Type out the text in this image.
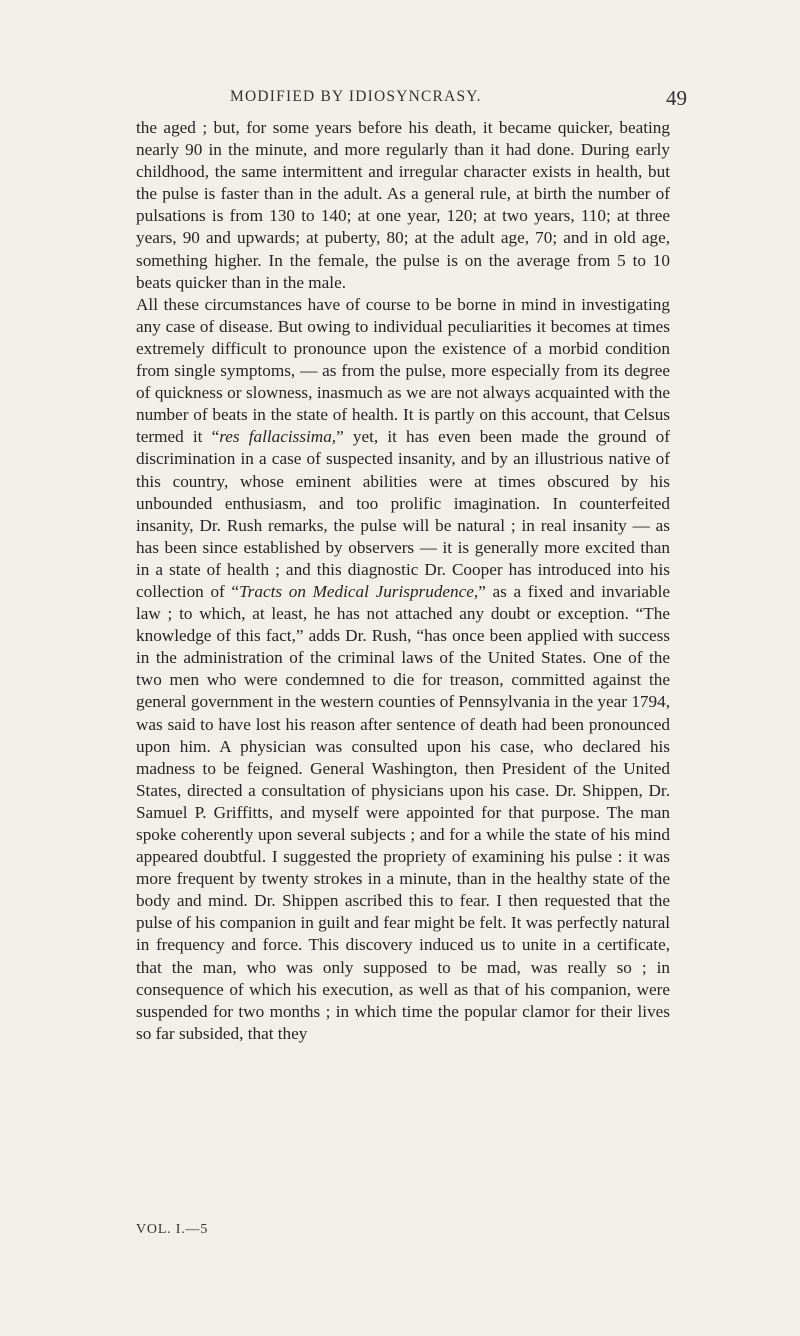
MODIFIED BY IDIOSYNCRASY.	49

the aged ; but, for some years before his death, it became quicker, beating nearly 90 in the minute, and more regularly than it had done. During early childhood, the same intermittent and irregular character exists in health, but the pulse is faster than in the adult. As a general rule, at birth the number of pulsations is from 130 to 140; at one year, 120; at two years, 110; at three years, 90 and upwards; at puberty, 80; at the adult age, 70; and in old age, something higher. In the female, the pulse is on the average from 5 to 10 beats quicker than in the male.

All these circumstances have of course to be borne in mind in investigating any case of disease. But owing to individual peculiarities it becomes at times extremely difficult to pronounce upon the existence of a morbid condition from single symptoms, — as from the pulse, more especially from its degree of quickness or slowness, inasmuch as we are not always acquainted with the number of beats in the state of health. It is partly on this account, that Celsus termed it “res fallacissima,” yet, it has even been made the ground of discrimination in a case of suspected insanity, and by an illustrious native of this country, whose eminent abilities were at times obscured by his unbounded enthusiasm, and too prolific imagination. In counterfeited insanity, Dr. Rush remarks, the pulse will be natural ; in real insanity — as has been since established by observers — it is generally more excited than in a state of health ; and this diagnostic Dr. Cooper has introduced into his collection of “Tracts on Medical Jurisprudence,” as a fixed and invariable law ; to which, at least, he has not attached any doubt or exception. “The knowledge of this fact,” adds Dr. Rush, “has once been applied with success in the administration of the criminal laws of the United States. One of the two men who were condemned to die for treason, committed against the general government in the western counties of Pennsylvania in the year 1794, was said to have lost his reason after sentence of death had been pronounced upon him. A physician was consulted upon his case, who declared his madness to be feigned. General Washington, then President of the United States, directed a consultation of physicians upon his case. Dr. Shippen, Dr. Samuel P. Griffitts, and myself were appointed for that purpose. The man spoke coherently upon several subjects ; and for a while the state of his mind appeared doubtful. I suggested the propriety of examining his pulse : it was more frequent by twenty strokes in a minute, than in the healthy state of the body and mind. Dr. Shippen ascribed this to fear. I then requested that the pulse of his companion in guilt and fear might be felt. It was perfectly natural in frequency and force. This discovery induced us to unite in a certificate, that the man, who was only supposed to be mad, was really so ; in consequence of which his execution, as well as that of his companion, were suspended for two months ; in which time the popular clamor for their lives so far subsided, that they

VOL. I.—5
